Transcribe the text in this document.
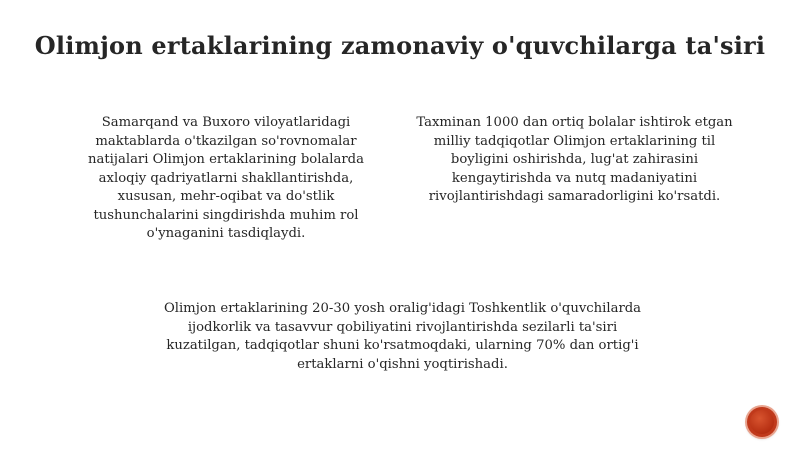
Olimjon ertaklarining zamonaviy o'quvchilarga ta'siri
Samarqand va Buxoro viloyatlaridagi
maktablarda o'tkazilgan so'rovnomalar
natijalari Olimjon ertaklarining bolalarda
axloqiy qadriyatlarni shakllantirishda,
xususan, mehr-oqibat va do'stlik
tushunchalarini singdirishda muhim rol
o'ynaganini tasdiqlaydi.
Taxminan 1000 dan ortiq bolalar ishtirok etgan
milliy tadqiqotlar Olimjon ertaklarining til
boyligini oshirishda, lug'at zahirasini
kengaytirishda va nutq madaniyatini
rivojlantirishdagi samaradorligini ko'rsatdi.
Olimjon ertaklarining 20-30 yosh oralig'idagi Toshkentlik o'quvchilarda
ijodkorlik va tasavvur qobiliyatini rivojlantirishda sezilarli ta'siri
kuzatilgan, tadqiqotlar shuni ko'rsatmoqdaki, ularning 70% dan ortig'i
ertaklarni o'qishni yoqtirishadi.
